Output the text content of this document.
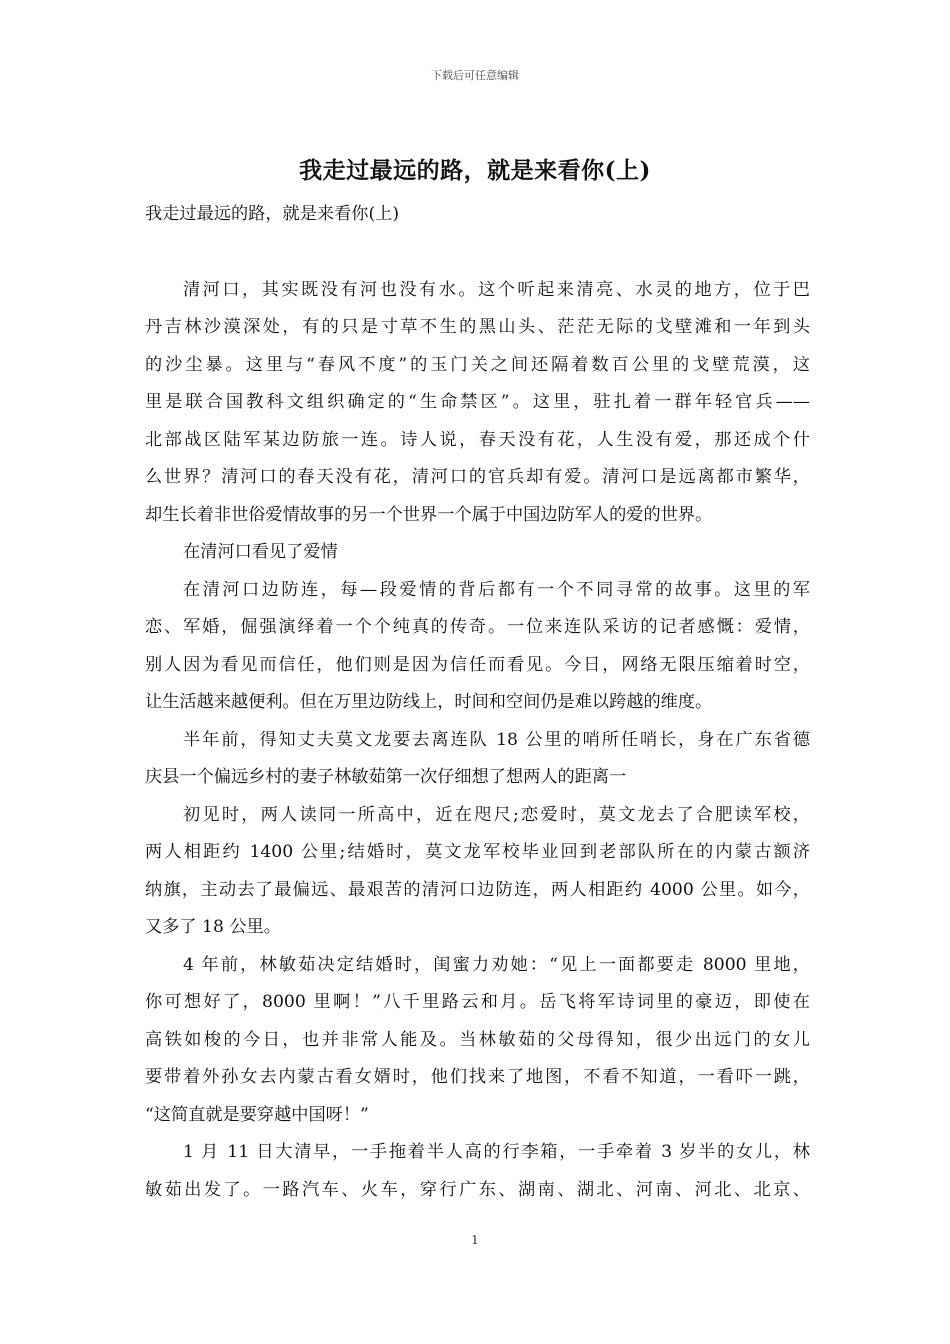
下载后可任意编辑
我走过最远的路，就是来看你(上)
我走过最远的路，就是来看你(上)
清河口，其实既没有河也没有水。这个听起来清亮、水灵的地方，位于巴
丹吉林沙漠深处，有的只是寸草不生的黑山头、茫茫无际的戈壁滩和一年到头
的沙尘暴。这里与“春风不度”的玉门关之间还隔着数百公里的戈壁荒漠，这
里是联合国教科文组织确定的“生命禁区”。这里，驻扎着一群年轻官兵——
北部战区陆军某边防旅一连。诗人说，春天没有花，人生没有爱，那还成个什
么世界？清河口的春天没有花，清河口的官兵却有爱。清河口是远离都市繁华，
却生长着非世俗爱情故事的另一个世界一个属于中国边防军人的爱的世界。
在清河口看见了爱情
在清河口边防连，每—段爱情的背后都有一个不同寻常的故事。这里的军
恋、军婚，倔强演绎着一个个纯真的传奇。一位来连队采访的记者感慨：爱情，
别人因为看见而信任，他们则是因为信任而看见。今日，网络无限压缩着时空，
让生活越来越便利。但在万里边防线上，时间和空间仍是难以跨越的维度。
半年前，得知丈夫莫文龙要去离连队 18 公里的哨所任哨长，身在广东省德
庆县一个偏远乡村的妻子林敏茹第一次仔细想了想两人的距离一
初见时，两人读同一所高中，近在咫尺;恋爱时，莫文龙去了合肥读军校，
两人相距约 1400 公里;结婚时，莫文龙军校毕业回到老部队所在的内蒙古额济
纳旗，主动去了最偏远、最艰苦的清河口边防连，两人相距约 4000 公里。如今，
又多了 18 公里。
4 年前，林敏茹决定结婚时，闺蜜力劝她：“见上一面都要走 8000 里地，
你可想好了，8000 里啊！”八千里路云和月。岳飞将军诗词里的豪迈，即使在
高铁如梭的今日，也并非常人能及。当林敏茹的父母得知，很少出远门的女儿
要带着外孙女去内蒙古看女婿时，他们找来了地图，不看不知道，一看吓一跳，
“这简直就是要穿越中国呀！”
1 月 11 日大清早，一手拖着半人高的行李箱，一手牵着 3 岁半的女儿，林
敏茹出发了。一路汽车、火车，穿行广东、湖南、湖北、河南、河北、北京、
1
